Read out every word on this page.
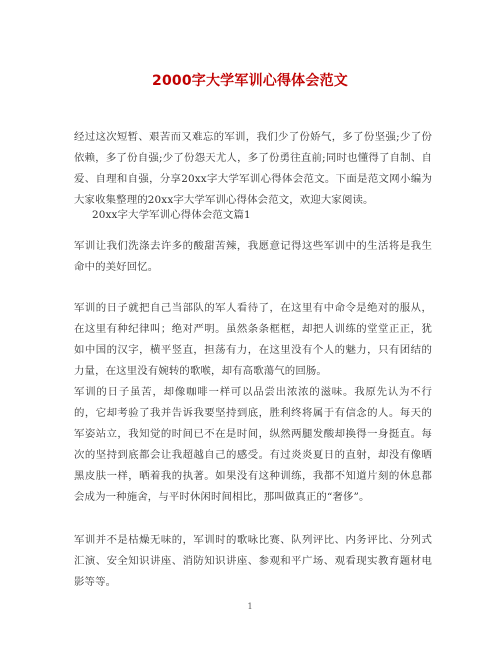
2000字大学军训心得体会范文

经过这次短暂、艰苦而又难忘的军训，我们少了份娇气，多了份坚强;少了份依赖，多了份自强;少了份怨天尤人，多了份勇往直前;同时也懂得了自制、自爱、自理和自强，分享20xx字大学军训心得体会范文。下面是范文网小编为大家收集整理的20xx字大学军训心得体会范文，欢迎大家阅读。

20xx字大学军训心得体会范文篇1

军训让我们洗涤去许多的酸甜苦辣，我愿意记得这些军训中的生活将是我生命中的美好回忆。

军训的日子就把自己当部队的军人看待了，在这里有中命令是绝对的服从，在这里有种纪律叫；绝对严明。虽然条条框框，却把人训练的堂堂正正，犹如中国的汉字，横平竖直，担荡有力，在这里没有个人的魅力，只有团结的力量，在这里没有婉转的歌喉，却有高歌蕩气的回肠。

军训的日子虽苦，却像咖啡一样可以品尝出浓浓的滋味。我原先认为不行的，它却考验了我并告诉我要坚持到底，胜利终将属于有信念的人。每天的军姿站立，我知觉的时间已不在是时间，纵然两腿发酸却换得一身挺直。每次的坚持到底都会让我超越自己的感受。有过炎炎夏日的直射，却没有像晒黑皮肤一样，晒着我的执著。如果没有这种训练，我都不知道片刻的休息都会成为一种施舍，与平时休闲时间相比，那叫做真正的“奢侈”。

军训并不是枯燥无味的，军训时的歌咏比赛、队列评比、内务评比、分列式汇演、安全知识讲座、消防知识讲座、参观和平广场、观看现实教育题材电影等等。

1
